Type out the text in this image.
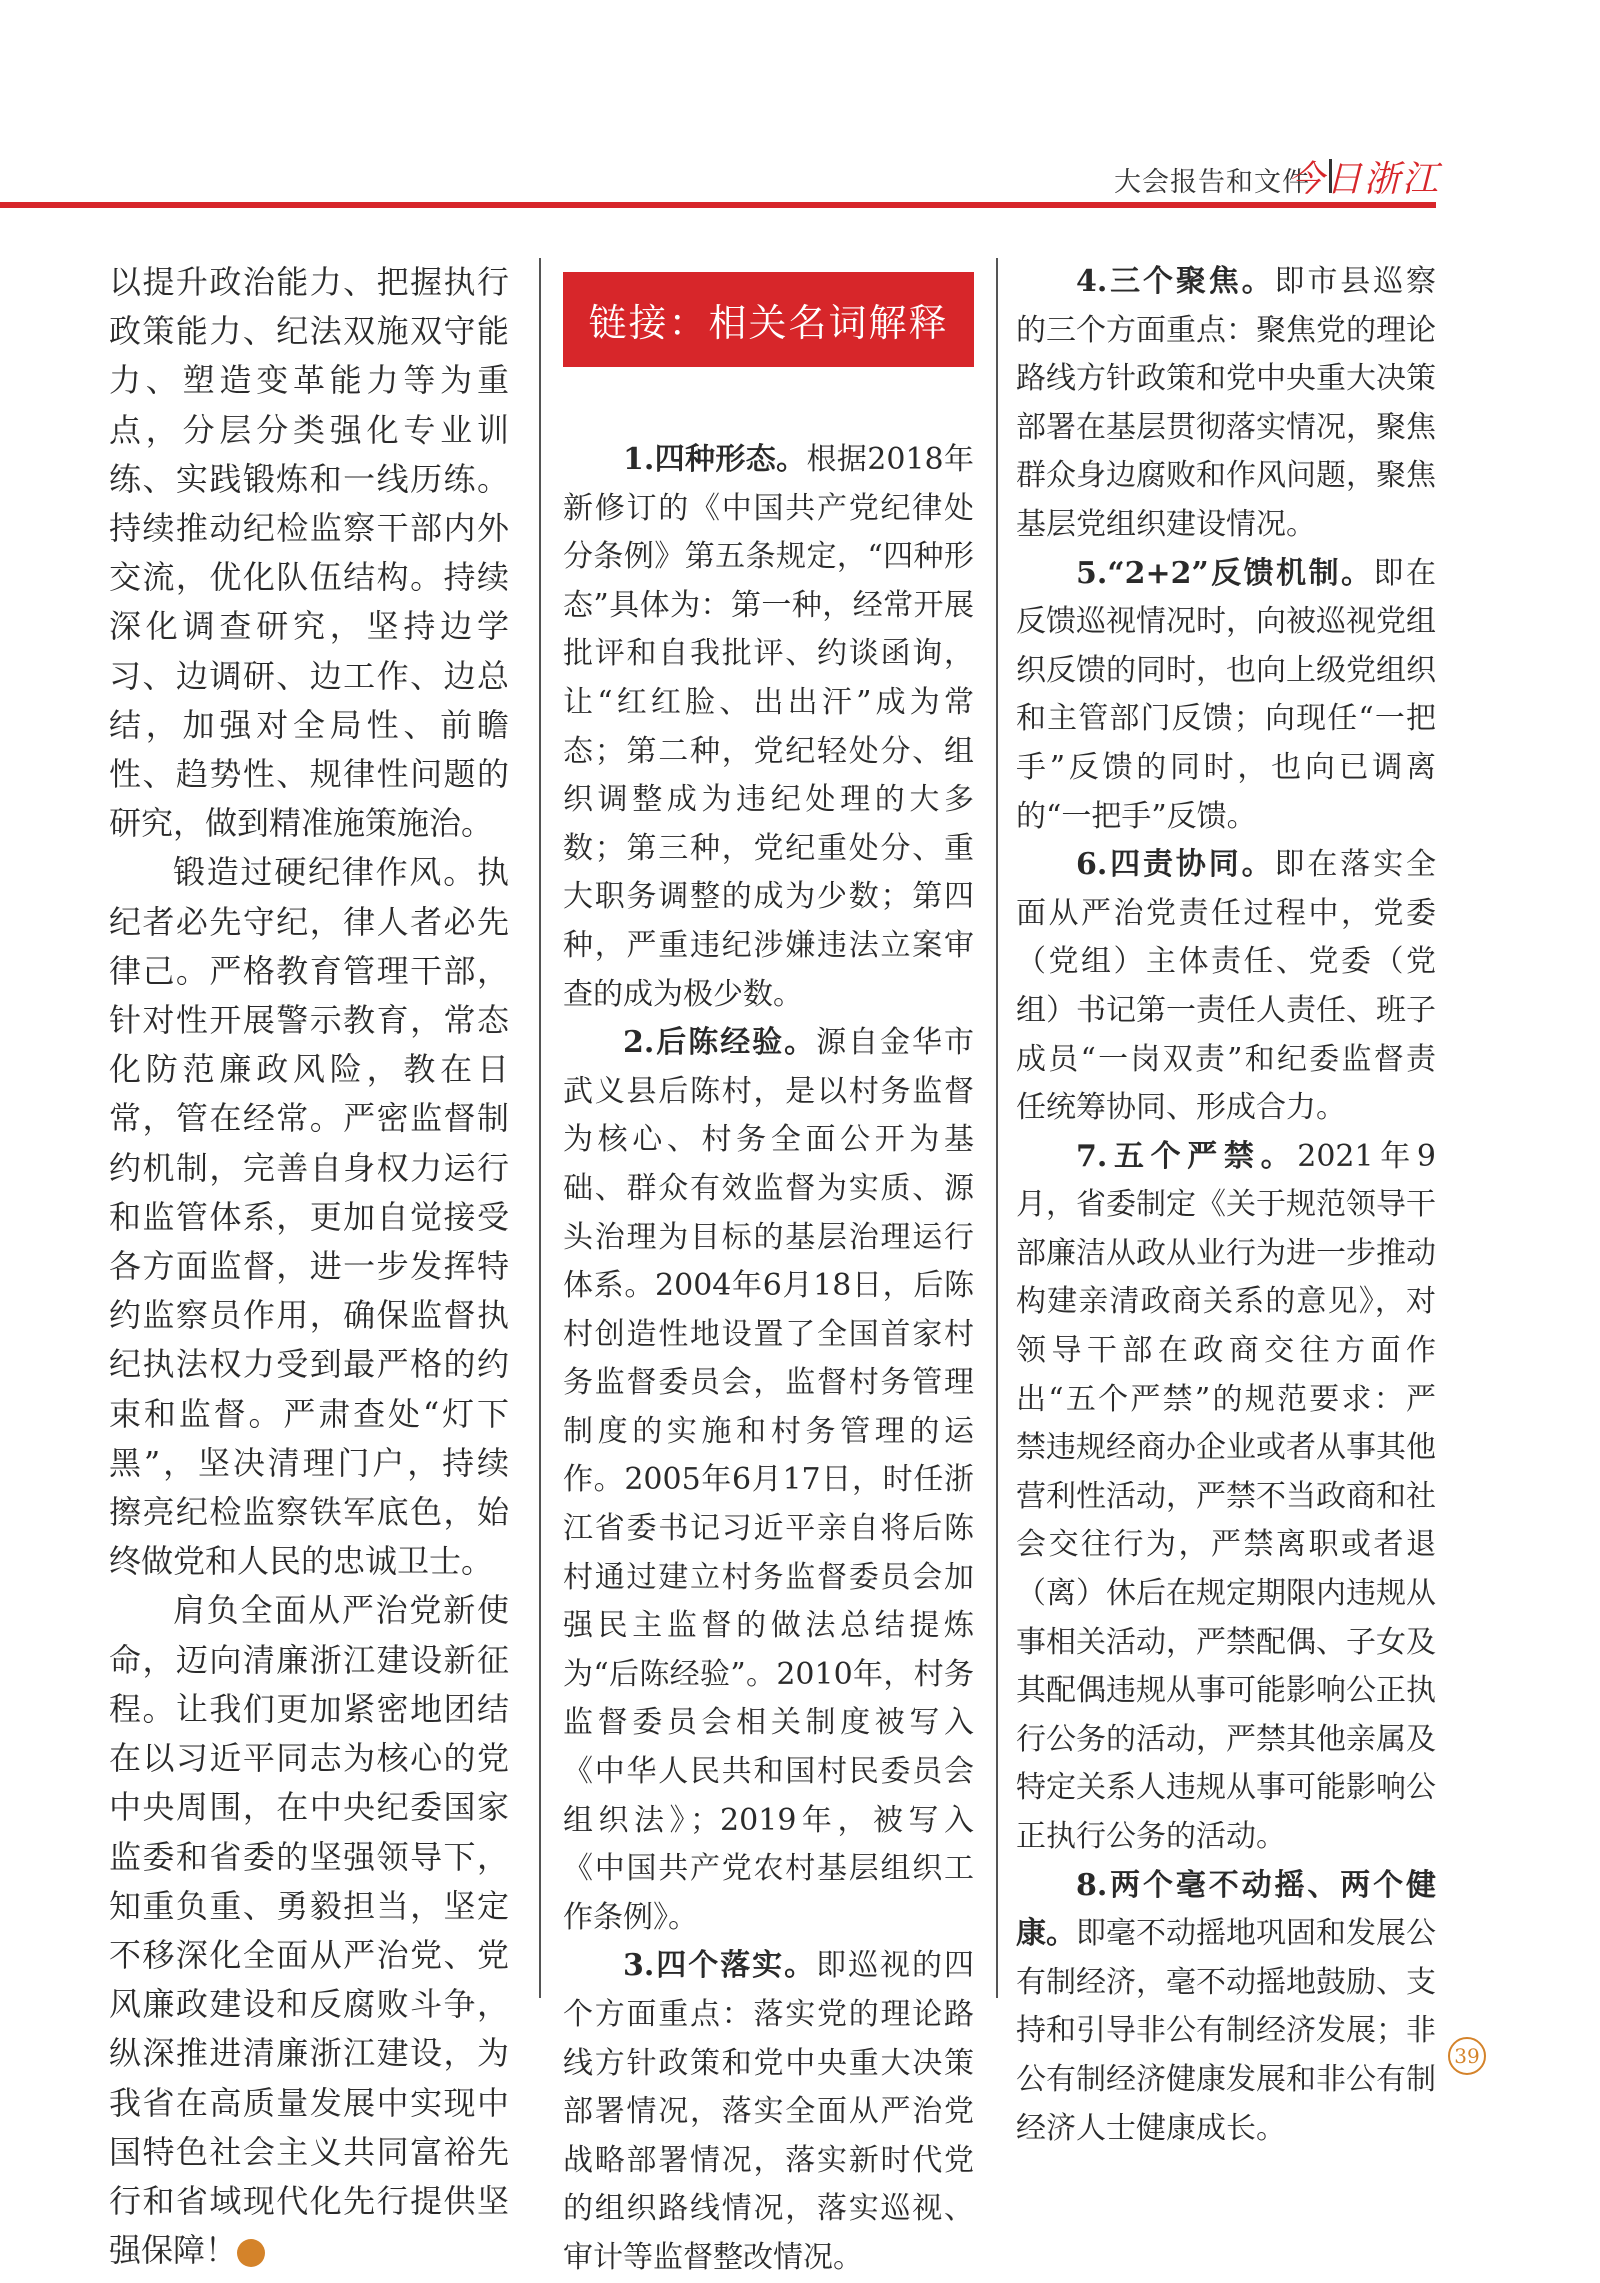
大会报告和文件
今日浙江

以提升政治能力、把握执行政策能力、纪法双施双守能力、塑造变革能力等为重点，分层分类强化专业训练、实践锻炼和一线历练。持续推动纪检监察干部内外交流，优化队伍结构。持续深化调查研究，坚持边学习、边调研、边工作、边总结，加强对全局性、前瞻性、趋势性、规律性问题的研究，做到精准施策施治。

锻造过硬纪律作风。执纪者必先守纪，律人者必先律己。严格教育管理干部，针对性开展警示教育，常态化防范廉政风险，教在日常，管在经常。严密监督制约机制，完善自身权力运行和监管体系，更加自觉接受各方面监督，进一步发挥特约监察员作用，确保监督执纪执法权力受到最严格的约束和监督。严肃查处“灯下黑”，坚决清理门户，持续擦亮纪检监察铁军底色，始终做党和人民的忠诚卫士。

肩负全面从严治党新使命，迈向清廉浙江建设新征程。让我们更加紧密地团结在以习近平同志为核心的党中央周围，在中央纪委国家监委和省委的坚强领导下，知重负重、勇毅担当，坚定不移深化全面从严治党、党风廉政建设和反腐败斗争，纵深推进清廉浙江建设，为我省在高质量发展中实现中国特色社会主义共同富裕先行和省域现代化先行提供坚强保障！	今

链接：相关名词解释

1.四种形态。根据2018年新修订的《中国共产党纪律处分条例》第五条规定，“四种形态”具体为：第一种，经常开展批评和自我批评、约谈函询，让“红红脸、出出汗”成为常态；第二种，党纪轻处分、组织调整成为违纪处理的大多数；第三种，党纪重处分、重大职务调整的成为少数；第四种，严重违纪涉嫌违法立案审查的成为极少数。

2.后陈经验。源自金华市武义县后陈村，是以村务监督为核心、村务全面公开为基础、群众有效监督为实质、源头治理为目标的基层治理运行体系。2004年6月18日，后陈村创造性地设置了全国首家村务监督委员会，监督村务管理制度的实施和村务管理的运作。2005年6月17日，时任浙江省委书记习近平亲自将后陈村通过建立村务监督委员会加强民主监督的做法总结提炼为“后陈经验”。2010年，村务监督委员会相关制度被写入《中华人民共和国村民委员会组织法》；2019年，被写入《中国共产党农村基层组织工作条例》。

3.四个落实。即巡视的四个方面重点：落实党的理论路线方针政策和党中央重大决策部署情况，落实全面从严治党战略部署情况，落实新时代党的组织路线情况，落实巡视、审计等监督整改情况。

4.三个聚焦。即市县巡察的三个方面重点：聚焦党的理论路线方针政策和党中央重大决策部署在基层贯彻落实情况，聚焦群众身边腐败和作风问题，聚焦基层党组织建设情况。

5.“2+2”反馈机制。即在反馈巡视情况时，向被巡视党组织反馈的同时，也向上级党组织和主管部门反馈；向现任“一把手”反馈的同时，也向已调离的“一把手”反馈。

6.四责协同。即在落实全面从严治党责任过程中，党委（党组）主体责任、党委（党组）书记第一责任人责任、班子成员“一岗双责”和纪委监督责任统筹协同、形成合力。

7.五个严禁。2021年9月，省委制定《关于规范领导干部廉洁从政从业行为进一步推动构建亲清政商关系的意见》，对领导干部在政商交往方面作出“五个严禁”的规范要求：严禁违规经商办企业或者从事其他营利性活动，严禁不当政商和社会交往行为，严禁离职或者退（离）休后在规定期限内违规从事相关活动，严禁配偶、子女及其配偶违规从事可能影响公正执行公务的活动，严禁其他亲属及特定关系人违规从事可能影响公正执行公务的活动。

8.两个毫不动摇、两个健康。即毫不动摇地巩固和发展公有制经济，毫不动摇地鼓励、支持和引导非公有制经济发展；非公有制经济健康发展和非公有制经济人士健康成长。

39
